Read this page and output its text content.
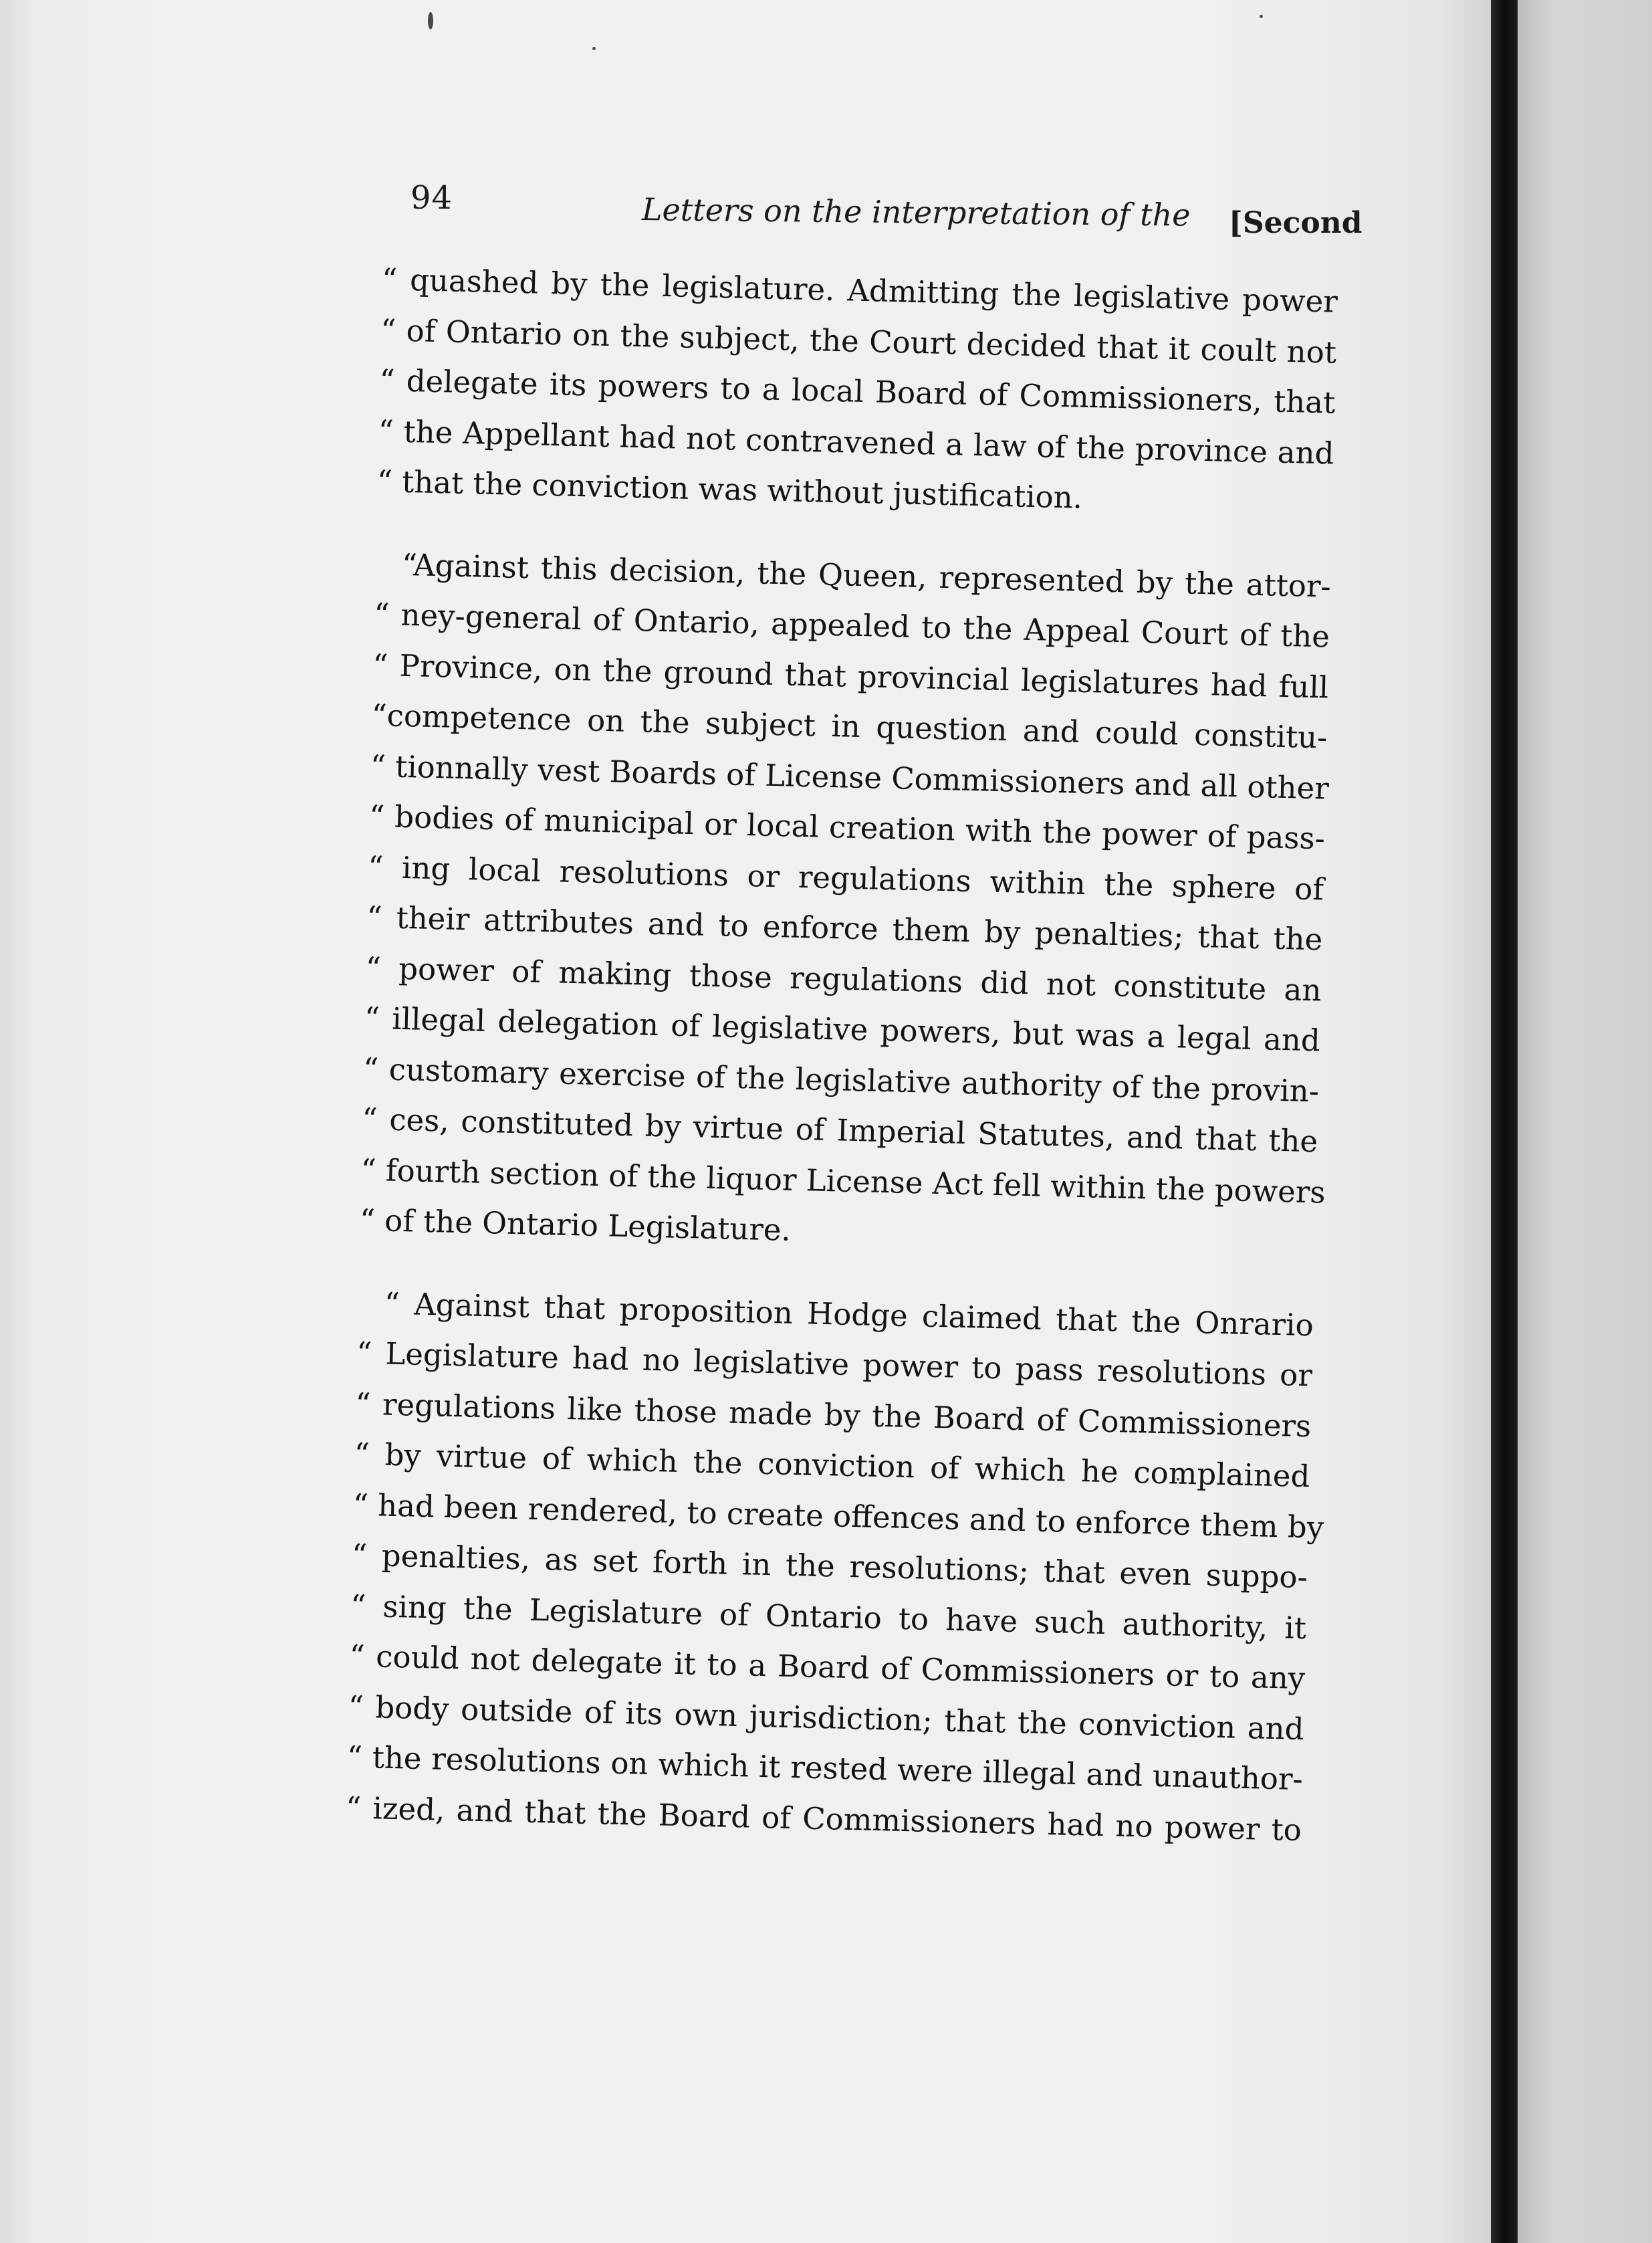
94	Letters on the interpretation of the [Second

“ quashed by the legislature. Admitting the legislative power
“ of Ontario on the subject, the Court decided that it coult not
“ delegate its powers to a local Board of Commissioners, that
“ the Appellant had not contravened a law of the province and
“ that the conviction was without justification.

“Against this decision, the Queen, represented by the attor-
“ ney-general of Ontario, appealed to the Appeal Court of the
“ Province, on the ground that provincial legislatures had full
“competence on the subject in question and could constitu-
“ tionnally vest Boards of License Commissioners and all other
“ bodies of municipal or local creation with the power of pass-
“ ing local resolutions or regulations within the sphere of
“ their attributes and to enforce them by penalties; that the
“ power of making those regulations did not constitute an
“ illegal delegation of legislative powers, but was a legal and
“ customary exercise of the legislative authority of the provin-
“ ces, constituted by virtue of Imperial Statutes, and that the
“ fourth section of the liquor License Act fell within the powers
“ of the Ontario Legislature.

“ Against that proposition Hodge claimed that the Onrario
“ Legislature had no legislative power to pass resolutions or
“ regulations like those made by the Board of Commissioners
“ by virtue of which the conviction of which he complained
“ had been rendered, to create offences and to enforce them by
“ penalties, as set forth in the resolutions; that even suppo-
“ sing the Legislature of Ontario to have such authority, it
“ could not delegate it to a Board of Commissioners or to any
“ body outside of its own jurisdiction; that the conviction and
“ the resolutions on which it rested were illegal and unauthor-
“ ized, and that the Board of Commissioners had no power to
